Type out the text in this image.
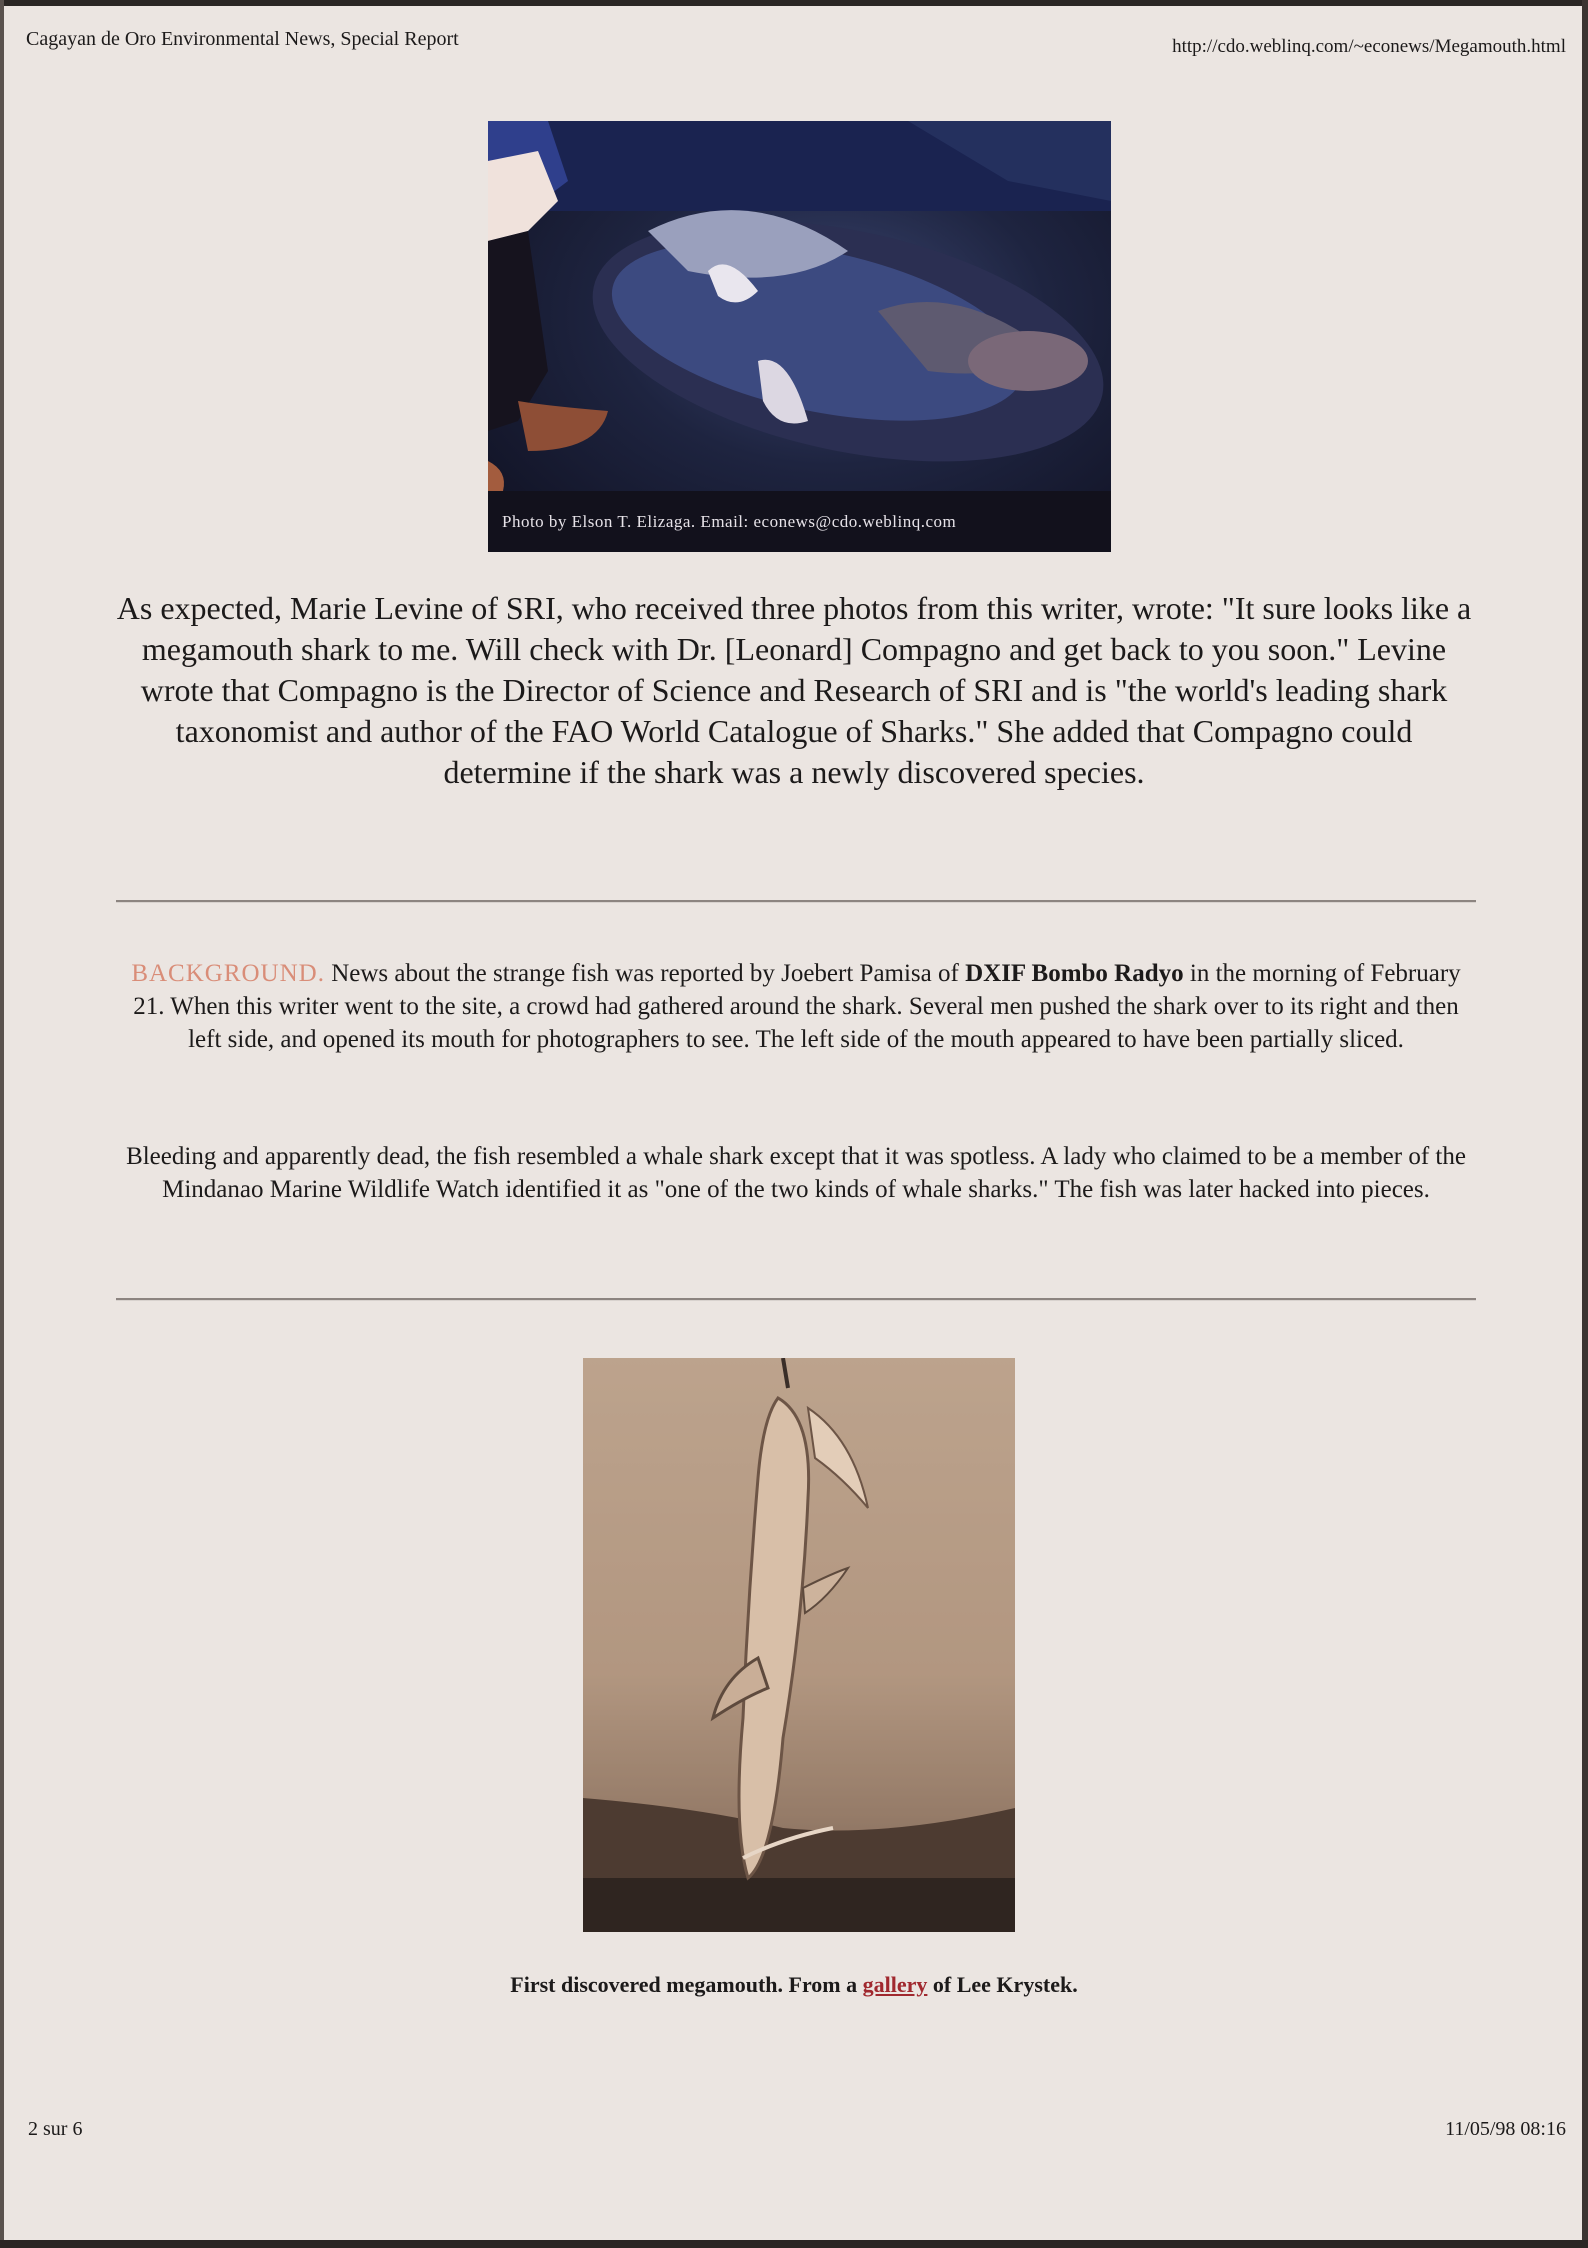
Cagayan de Oro Environmental News, Special Report	http://cdo.weblinq.com/~econews/Megamouth.html
Photo by Elson T. Elizaga. Email: econews@cdo.weblinq.com
As expected, Marie Levine of SRI, who received three photos from this writer, wrote: "It sure looks like a megamouth shark to me. Will check with Dr. [Leonard] Compagno and get back to you soon." Levine wrote that Compagno is the Director of Science and Research of SRI and is "the world's leading shark taxonomist and author of the FAO World Catalogue of Sharks." She added that Compagno could determine if the shark was a newly discovered species.
BACKGROUND. News about the strange fish was reported by Joebert Pamisa of DXIF Bombo Radyo in the morning of February 21. When this writer went to the site, a crowd had gathered around the shark. Several men pushed the shark over to its right and then left side, and opened its mouth for photographers to see. The left side of the mouth appeared to have been partially sliced.
Bleeding and apparently dead, the fish resembled a whale shark except that it was spotless. A lady who claimed to be a member of the Mindanao Marine Wildlife Watch identified it as "one of the two kinds of whale sharks." The fish was later hacked into pieces.
First discovered megamouth. From a gallery of Lee Krystek.
2 sur 6	11/05/98 08:16
